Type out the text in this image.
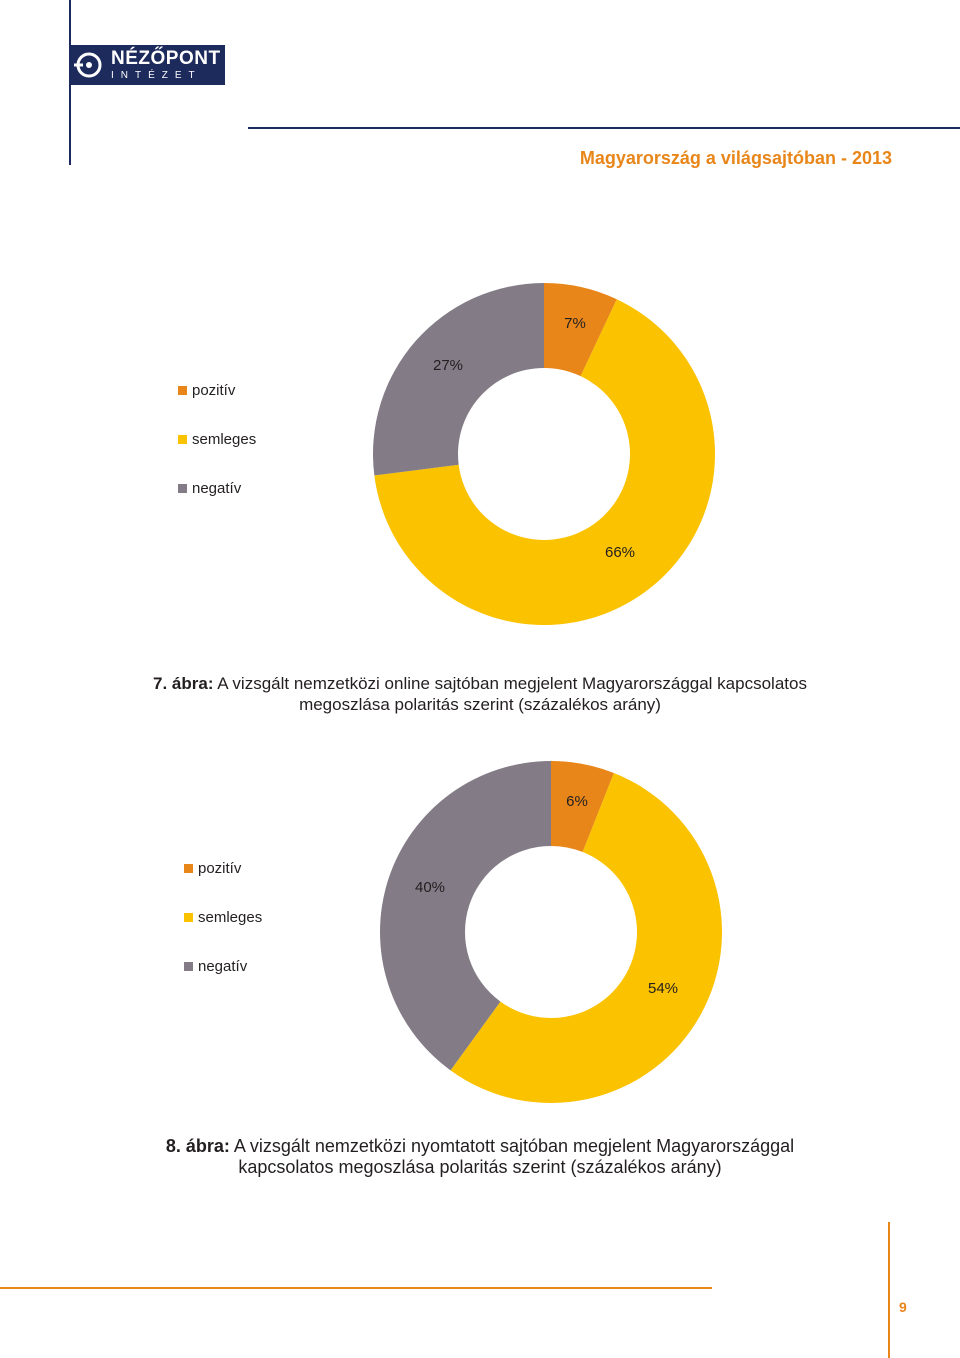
NÉZŐPONT
INTÉZET
Magyarország a világsajtóban - 2013
7%
66%
27%
6%
54%
40%
pozitív
semleges
negatív
7. ábra: A vizsgált nemzetközi online sajtóban megjelent Magyarországgal kapcsolatos
megoszlása polaritás szerint (százalékos arány)
pozitív
semleges
negatív
8. ábra: A vizsgált nemzetközi nyomtatott sajtóban megjelent Magyarországgal
kapcsolatos megoszlása polaritás szerint (százalékos arány)
9
